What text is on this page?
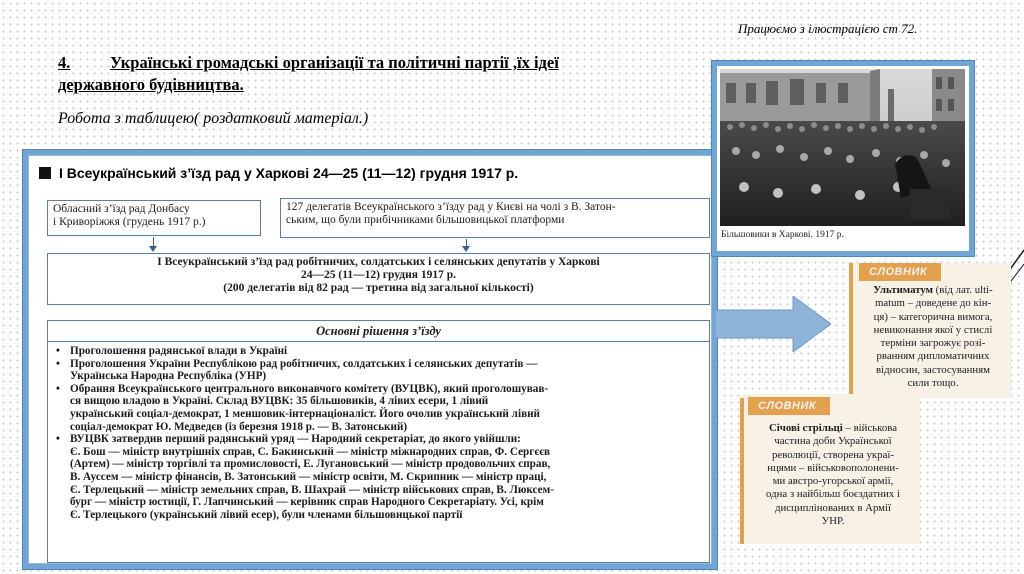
Працюємо з ілюстрацією ст 72.
4. Українські громадські організації та політичні партії ,їх ідеї
державного будівництва.
Робота з таблицею( роздатковий матеріал.)
I Всеукраїнський з’їзд рад у Харкові 24—25 (11—12) грудня 1917 р.
Обласний з’їзд рад Донбасу
і Криворіжжя (грудень 1917 р.)
127 делегатів Всеукраїнського з’їзду рад у Києві на чолі з В. Затон-
ським, що були прибічниками більшовицької платформи
I Всеукраїнський з’їзд рад робітничих, солдатських і селянських депутатів у Харкові
24—25 (11—12) грудня 1917 р.
(200 делегатів від 82 рад — третина від загальної кількості)
Основні рішення з’їзду
• Проголошення радянської влади в Україні
• Проголошення України Республікою рад робітничих, солдатських і селянських депутатів —
Українська Народна Республіка (УНР)
• Обрання Всеукраїнського центрального виконавчого комітету (ВУЦВК), який проголошував-
ся вищою владою в Україні. Склад ВУЦВК: 35 більшовиків, 4 лівих есери, 1 лівий
український соціал-демократ, 1 меншовик-інтернаціоналіст. Його очолив український лівий
соціал-демократ Ю. Медведєв (із березня 1918 р. — В. Затонський)
• ВУЦВК затвердив перший радянський уряд — Народний секретаріат, до якого увійшли:
Є. Бош — міністр внутрішніх справ, С. Бакинський — міністр міжнародних справ, Ф. Сергєєв
(Артем) — міністр торгівлі та промисловості, Е. Лугановський — міністр продовольчих справ,
В. Ауссем — міністр фінансів, В. Затонський — міністр освіти, М. Скрипник — міністр праці,
Є. Терлецький — міністр земельних справ, В. Шахрай — міністр військових справ, В. Люксем-
бург — міністр юстиції, Г. Лапчинський — керівник справ Народного Секретаріату. Усі, крім
Є. Терлецького (український лівий есер), були членами більшовицької партії
Більшовики в Харкові. 1917 р.
СЛОВНИК
Ультиматум (від лат. ulti-
matum – доведене до кін-
ця) – категорична вимога,
невиконання якої у стислі
терміни загрожує розі-
рванням дипломатичних
відносин, застосуванням
сили тощо.
СЛОВНИК
Січові стрільці – військова
частина доби Української
революції, створена украї-
нцями – військовополонени-
ми австро-угорської армії,
одна з найбільш боєздатних і
дисциплінованих в Армії
УНР.
